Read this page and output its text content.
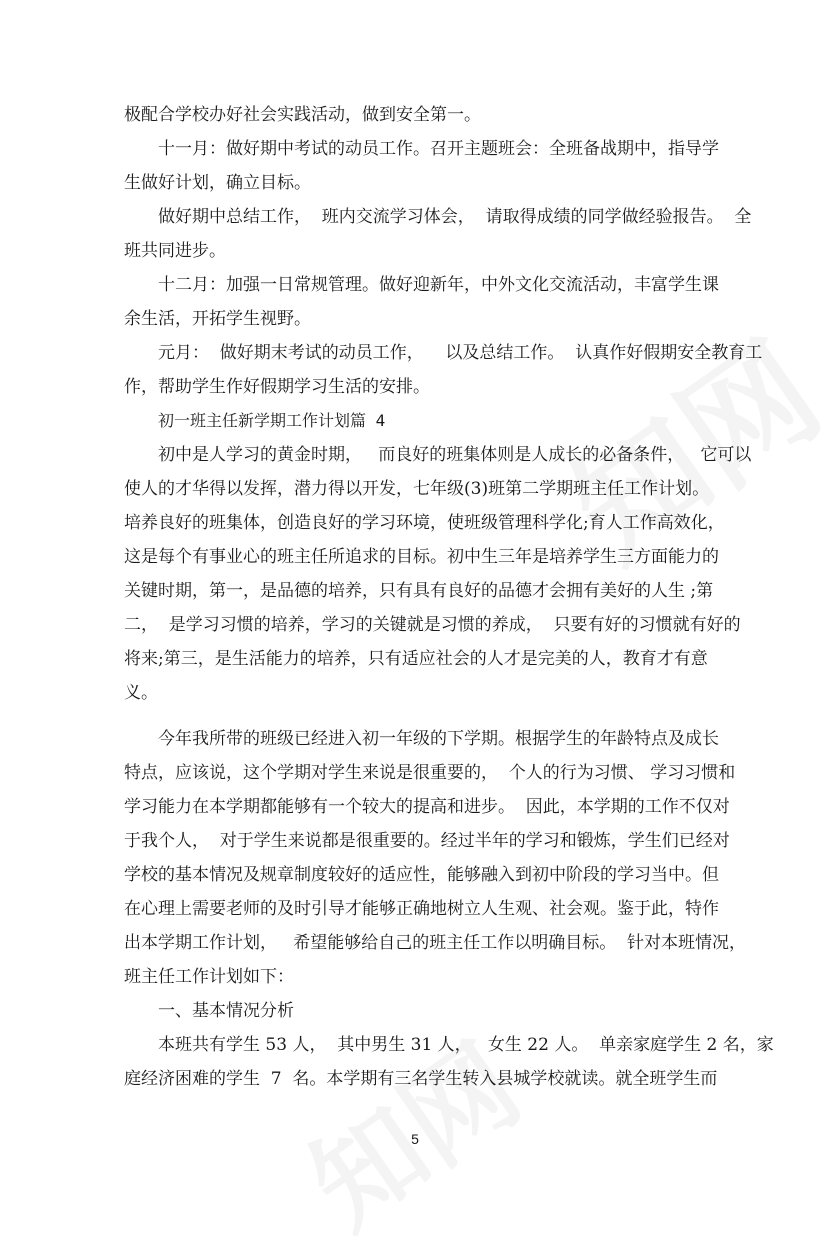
极配合学校办好社会实践活动，做到安全第一。
十一月：做好期中考试的动员工作。召开主题班会：全班备战期中，指导学
生做好计划，确立目标。
做好期中总结工作，  班内交流学习体会，  请取得成绩的同学做经验报告。  全
班共同进步。
十二月：加强一日常规管理。做好迎新年，中外文化交流活动，丰富学生课
余生活，开拓学生视野。
元月：  做好期末考试的动员工作，    以及总结工作。  认真作好假期安全教育工
作，帮助学生作好假期学习生活的安排。
初一班主任新学期工作计划篇 4
初中是人学习的黄金时期，   而良好的班集体则是人成长的必备条件，   它可以
使人的才华得以发挥，潜力得以开发，七年级(3)班第二学期班主任工作计划。
培养良好的班集体，创造良好的学习环境，使班级管理科学化;育人工作高效化，
这是每个有事业心的班主任所追求的目标。初中生三年是培养学生三方面能力的
关键时期，第一，是品德的培养，只有具有良好的品德才会拥有美好的人生 ;第
二，  是学习习惯的培养，学习的关键就是习惯的养成，  只要有好的习惯就有好的
将来;第三，是生活能力的培养，只有适应社会的人才是完美的人，教育才有意
义。
今年我所带的班级已经进入初一年级的下学期。根据学生的年龄特点及成长
特点，应该说，这个学期对学生来说是很重要的，  个人的行为习惯、 学习习惯和
学习能力在本学期都能够有一个较大的提高和进步。  因此，本学期的工作不仅对
于我个人，  对于学生来说都是很重要的。经过半年的学习和锻炼，学生们已经对
学校的基本情况及规章制度较好的适应性，能够融入到初中阶段的学习当中。但
在心理上需要老师的及时引导才能够正确地树立人生观、社会观。鉴于此，特作
出本学期工作计划，   希望能够给自己的班主任工作以明确目标。  针对本班情况，
班主任工作计划如下：
一、基本情况分析
本班共有学生 53 人，  其中男生 31 人，   女生 22 人。  单亲家庭学生 2 名，家
庭经济困难的学生  7  名。本学期有三名学生转入县城学校就读。就全班学生而
5
